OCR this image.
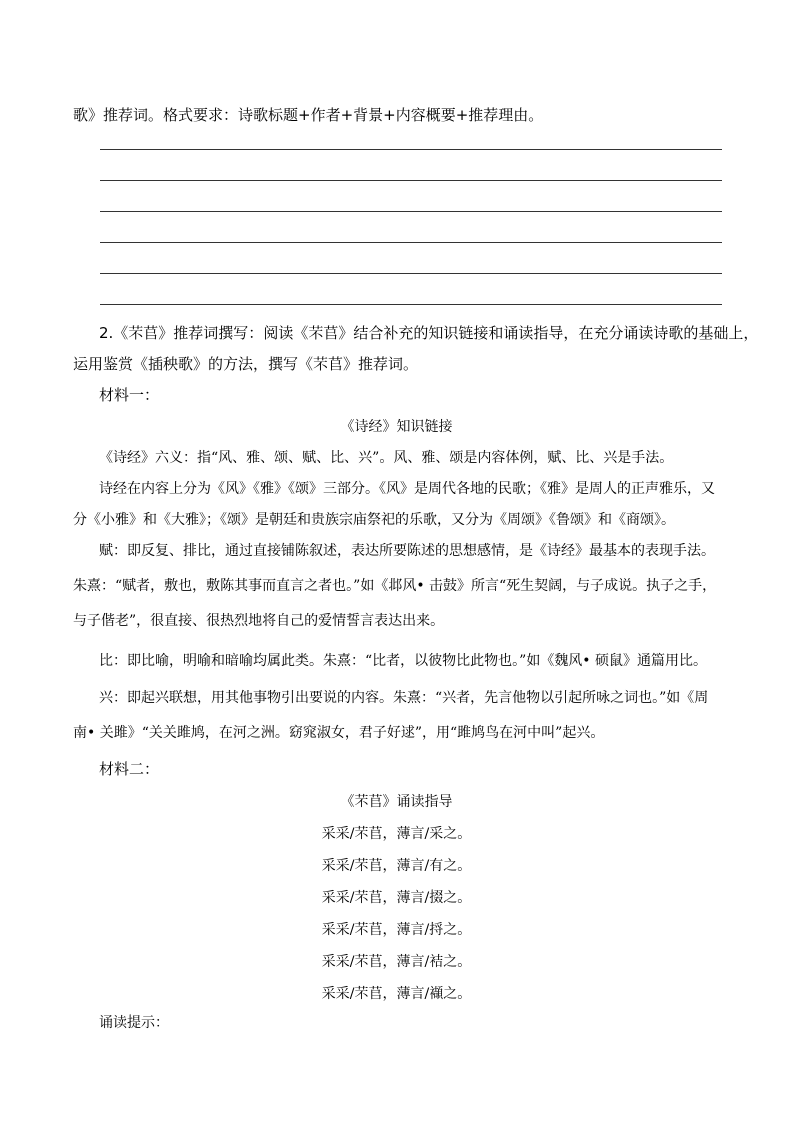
歌》推荐词。格式要求：诗歌标题+作者+背景+内容概要+推荐理由。
2.《芣苢》推荐词撰写：阅读《芣苢》结合补充的知识链接和诵读指导，在充分诵读诗歌的基础上，
运用鉴赏《插秧歌》的方法，撰写《芣苢》推荐词。
材料一：
《诗经》知识链接
《诗经》六义：指“风、雅、颂、赋、比、兴”。风、雅、颂是内容体例，赋、比、兴是手法。
诗经在内容上分为《风》《雅》《颂》三部分。《风》是周代各地的民歌；《雅》是周人的正声雅乐，又
分《小雅》和《大雅》；《颂》是朝廷和贵族宗庙祭祀的乐歌，又分为《周颂》《鲁颂》和《商颂》。
赋：即反复、排比，通过直接铺陈叙述，表达所要陈述的思想感情，是《诗经》最基本的表现手法。
朱熹：“赋者，敷也，敷陈其事而直言之者也。”如《邶风• 击鼓》所言“死生契阔，与子成说。执子之手，
与子偕老”，很直接、很热烈地将自己的爱情誓言表达出来。
比：即比喻，明喻和暗喻均属此类。朱熹：“比者，以彼物比此物也。”如《魏风• 硕鼠》通篇用比。
兴：即起兴联想，用其他事物引出要说的内容。朱熹：“兴者，先言他物以引起所咏之词也。”如《周
南• 关雎》“关关雎鸠，在河之洲。窈窕淑女，君子好逑”，用“雎鸠鸟在河中叫”起兴。
材料二：
《芣苢》诵读指导
采采/芣苢，薄言/采之。
采采/芣苢，薄言/有之。
采采/芣苢，薄言/掇之。
采采/芣苢，薄言/捋之。
采采/芣苢，薄言/袺之。
采采/芣苢，薄言/襭之。
诵读提示：
